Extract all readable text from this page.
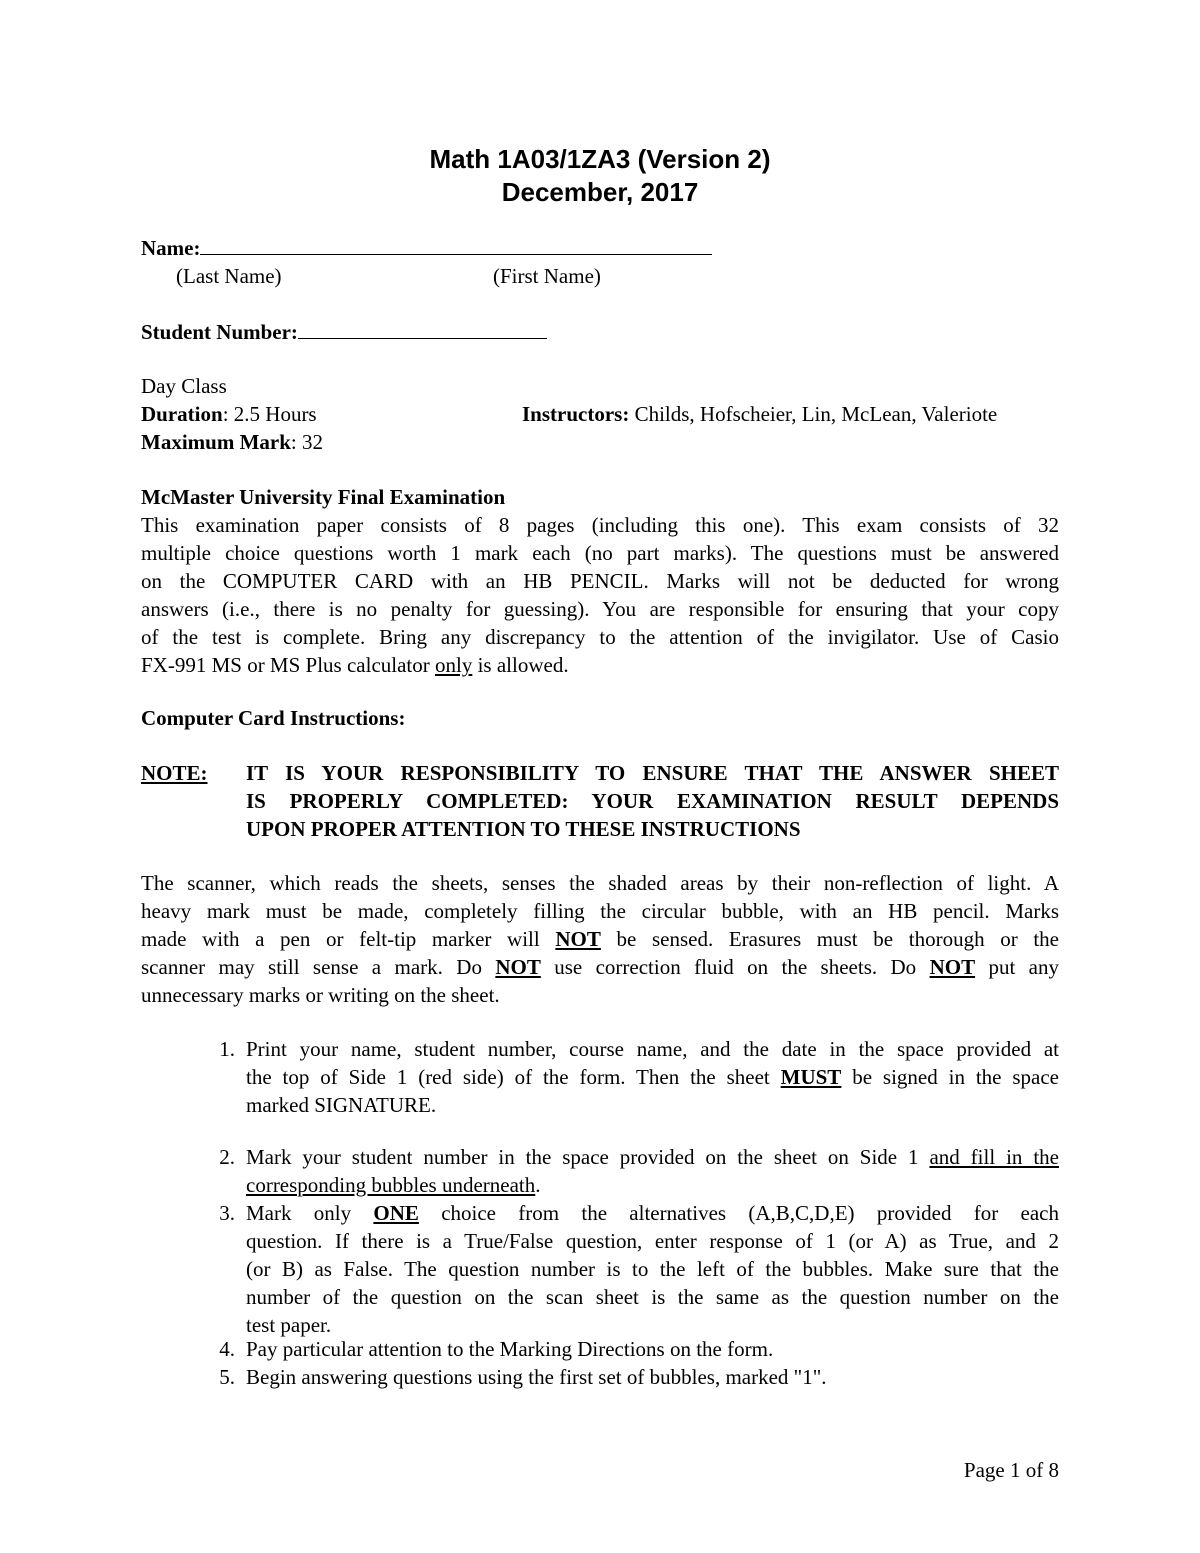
Math 1A03/1ZA3 (Version 2)
December, 2017
Name:
(Last Name)	(First Name)
Student Number:
Day Class
Duration: 2.5 Hours	Instructors: Childs, Hofscheier, Lin, McLean, Valeriote
Maximum Mark: 32
McMaster University Final Examination
This examination paper consists of 8 pages (including this one). This exam consists of 32
multiple choice questions worth 1 mark each (no part marks). The questions must be answered
on the COMPUTER CARD with an HB PENCIL. Marks will not be deducted for wrong
answers (i.e., there is no penalty for guessing). You are responsible for ensuring that your copy
of the test is complete. Bring any discrepancy to the attention of the invigilator. Use of Casio
FX-991 MS or MS Plus calculator only is allowed.
Computer Card Instructions:
NOTE: IT IS YOUR RESPONSIBILITY TO ENSURE THAT THE ANSWER SHEET
IS PROPERLY COMPLETED: YOUR EXAMINATION RESULT DEPENDS
UPON PROPER ATTENTION TO THESE INSTRUCTIONS
The scanner, which reads the sheets, senses the shaded areas by their non-reflection of light. A
heavy mark must be made, completely filling the circular bubble, with an HB pencil. Marks
made with a pen or felt-tip marker will NOT be sensed. Erasures must be thorough or the
scanner may still sense a mark. Do NOT use correction fluid on the sheets. Do NOT put any
unnecessary marks or writing on the sheet.
1. Print your name, student number, course name, and the date in the space provided at
the top of Side 1 (red side) of the form. Then the sheet MUST be signed in the space
marked SIGNATURE.
2. Mark your student number in the space provided on the sheet on Side 1 and fill in the
corresponding bubbles underneath.
3. Mark only ONE choice from the alternatives (A,B,C,D,E) provided for each
question. If there is a True/False question, enter response of 1 (or A) as True, and 2
(or B) as False. The question number is to the left of the bubbles. Make sure that the
number of the question on the scan sheet is the same as the question number on the
test paper.
4. Pay particular attention to the Marking Directions on the form.
5. Begin answering questions using the first set of bubbles, marked "1".
Page 1 of 8
